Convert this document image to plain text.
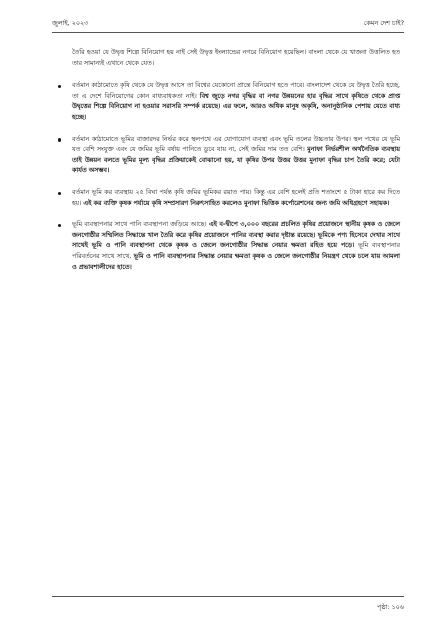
জুলাই, ২০২৩	কেমন দেশ চাই?

তৈরি হওয়া যে উদ্বৃত্ত শিল্পে বিনিয়োগ হয় নাই সেই উদ্বৃত্ত ইংল্যান্ডের নগরে বিনিয়োগ হয়েছিল। বাংলা থেকে যে খাজনা উত্তলিত হত তার সামান্যই এখানে থেকে যেত।

বর্তমান কাঠামোতে কৃষি থেকে যে উদ্বৃত্ত আসে তা বিশ্বের যেকোনো প্রান্তে বিনিয়োগ হতে পারে। বাংলাদেশ থেকে যে উদ্বৃত্ত তৈরি হচ্ছে, তা এ দেশে বিনিয়োগের কোন বাধ্যবাধকতা নাই। বিশ্ব জুড়ে নগর বৃদ্ধির বা নগর উন্নয়নের হার বৃদ্ধির সাথে কৃষিতে থেকে প্রাপ্ত উদ্বৃত্তের শিল্পে বিনিয়োগ না হওয়ার সরাসরি সম্পর্ক রয়েছে। এর ফলে, আরও অধিক মানুষ অকৃষি, অনানুষ্ঠানিক পেশায় যেতে বাধ্য হচ্ছে।
বর্তমান কাঠামোতে ভূমির বাজারদর নির্ভর করে স্থলপথে এর যোগাযোগ ব্যবস্থা এবং ভূমি তলের উচ্চতার উপর। স্থল পথের যে ভূমি যত বেশি সংযুক্ত এবং যে জমির ভূমি বর্ষায় পানিতে ডুবে যায় না, সেই জমির দাম তত বেশি। মুনাফা নির্ভরশীল অর্থনৈতিক ব্যবস্থায় তাই উন্নয়ন বলতে ভূমির মূল্য বৃদ্ধির প্রক্রিয়াকেই বোঝানো হয়, যা কৃষির উপর উত্তর উত্তর মুনাফা বৃদ্ধির চাপ তৈরি করে; যেটা কার্যত অসম্ভব।
বর্তমান ভূমি কর ব্যবস্থায় ২৫ বিঘা পর্যন্ত কৃষি জমির ভূমিকর রয়াত পায়। কিন্তু এর বেশি হলেই প্রতি শতাংশে ৫ টাকা হারে কর দিতে হয়। এই কর ব্যক্তি কৃষক পর্যায়ে কৃষি সম্প্রসারণ নিরুৎসাহিত করলেও মুনাফা ভিত্তিক কর্পোরেশনের জন্য জমি অধিগ্রহণে সহায়ক।
ভূমি ব্যবস্থাপনার সাথে পানি ব্যবস্থাপনা জড়িয়ে আছে। এই ব-দ্বীপে ৩,০০০ বছরের প্রচলিত কৃষির প্রয়োজনে স্থানীয় কৃষক ও জেলে জনগোষ্ঠীর সম্মিলিত সিদ্ধান্তে খাল তৈরি করে কৃষির প্রয়োজনে পানির ব্যবস্থা করার দৃষ্টান্ত রয়েছে। ভূমিকে পণ্য হিসেবে দেখার সাথে সাথেই ভূমি ও পানি ব্যবস্থাপনা থেকে কৃষক ও জেলে জনগোষ্ঠীর সিদ্ধান্ত নেয়ার ক্ষমতা রহিত হয়ে পড়ে। ভূমি ব্যবস্থাপনার পরিবর্তনের সাথে সাথে, ভূমি ও পানি ব্যবস্থাপনার সিদ্ধান্ত নেয়ার ক্ষমতা কৃষক ও জেলে জনগোষ্ঠীর নিয়ন্ত্রণ থেকে চলে যায় আমলা ও প্রভাবশালীদের হাতে।
পৃষ্ঠা: ১০৬
